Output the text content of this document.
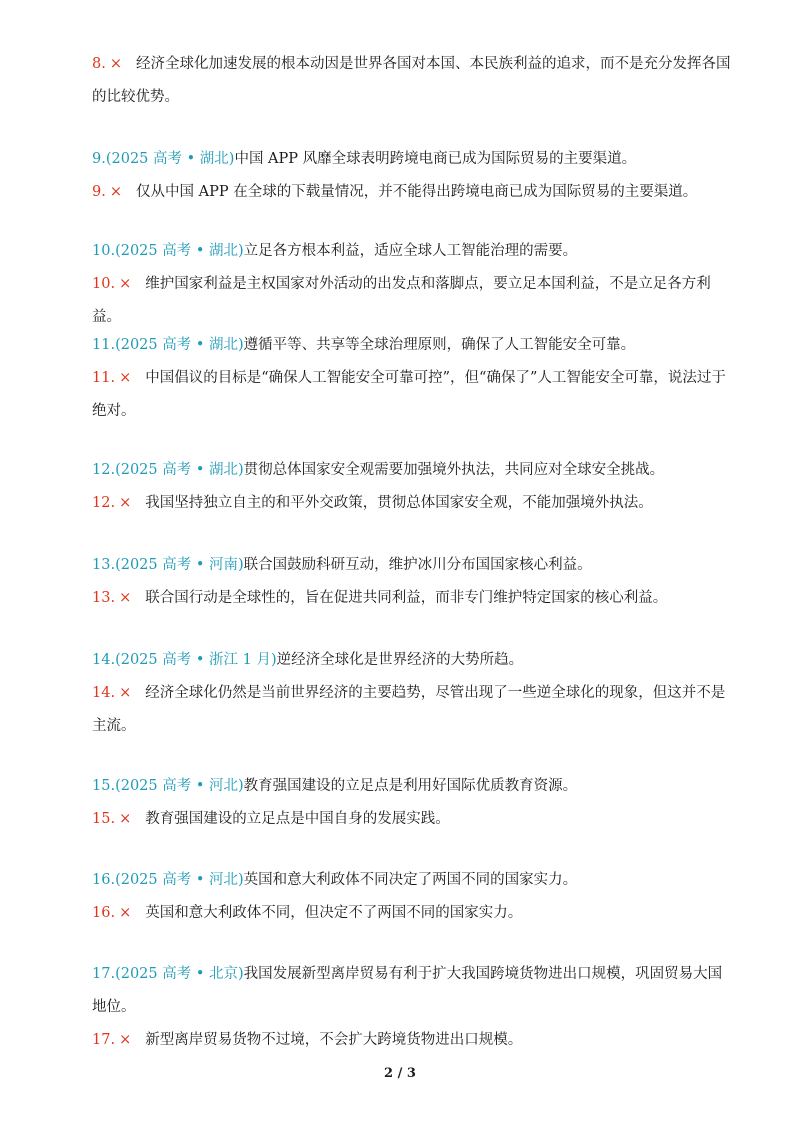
8. × 经济全球化加速发展的根本动因是世界各国对本国、本民族利益的追求，而不是充分发挥各国的比较优势。
9.(2025 高考 • 湖北)中国 APP 风靡全球表明跨境电商已成为国际贸易的主要渠道。
9. × 仅从中国 APP 在全球的下载量情况，并不能得出跨境电商已成为国际贸易的主要渠道。
10.(2025 高考 • 湖北)立足各方根本利益，适应全球人工智能治理的需要。
10. × 维护国家利益是主权国家对外活动的出发点和落脚点，要立足本国利益，不是立足各方利益。
11.(2025 高考 • 湖北)遵循平等、共享等全球治理原则，确保了人工智能安全可靠。
11. × 中国倡议的目标是“确保人工智能安全可靠可控”，但“确保了”人工智能安全可靠，说法过于绝对。
12.(2025 高考 • 湖北)贯彻总体国家安全观需要加强境外执法，共同应对全球安全挑战。
12. × 我国坚持独立自主的和平外交政策，贯彻总体国家安全观，不能加强境外执法。
13.(2025 高考 • 河南)联合国鼓励科研互动，维护冰川分布国国家核心利益。
13. × 联合国行动是全球性的，旨在促进共同利益，而非专门维护特定国家的核心利益。
14.(2025 高考 • 浙江 1 月)逆经济全球化是世界经济的大势所趋。
14. × 经济全球化仍然是当前世界经济的主要趋势，尽管出现了一些逆全球化的现象，但这并不是主流。
15.(2025 高考 • 河北)教育强国建设的立足点是利用好国际优质教育资源。
15. × 教育强国建设的立足点是中国自身的发展实践。
16.(2025 高考 • 河北)英国和意大利政体不同决定了两国不同的国家实力。
16. × 英国和意大利政体不同，但决定不了两国不同的国家实力。
17.(2025 高考 • 北京)我国发展新型离岸贸易有利于扩大我国跨境货物进出口规模，巩固贸易大国地位。
17. × 新型离岸贸易货物不过境，不会扩大跨境货物进出口规模。
2 / 3
